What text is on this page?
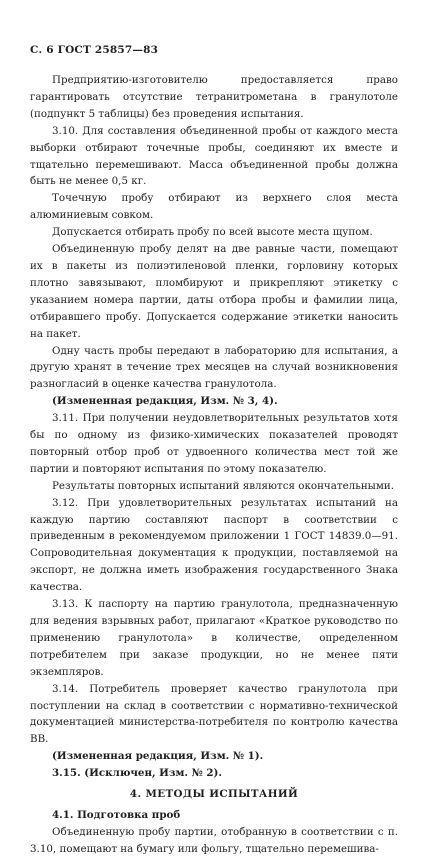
С. 6 ГОСТ 25857—83

Предприятию-изготовителю предоставляется право гарантировать отсутствие тетранитрометана в гранулотоле (подпункт 5 таблицы) без проведения испытания.

3.10. Для составления объединенной пробы от каждого места выборки отбирают точечные пробы, соединяют их вместе и тщательно перемешивают. Масса объединенной пробы должна быть не менее 0,5 кг.

Точечную пробу отбирают из верхнего слоя места алюминиевым совком.

Допускается отбирать пробу по всей высоте места щупом.

Объединенную пробу делят на две равные части, помещают их в пакеты из полиэтиленовой пленки, горловину которых плотно завязывают, пломбируют и прикрепляют этикетку с указанием номера партии, даты отбора пробы и фамилии лица, отбиравшего пробу. Допускается содержание этикетки наносить на пакет.

Одну часть пробы передают в лабораторию для испытания, а другую хранят в течение трех месяцев на случай возникновения разногласий в оценке качества гранулотола.

(Измененная редакция, Изм. № 3, 4).

3.11. При получении неудовлетворительных результатов хотя бы по одному из физико-химических показателей проводят повторный отбор проб от удвоенного количества мест той же партии и повторяют испытания по этому показателю.

Результаты повторных испытаний являются окончательными.

3.12. При удовлетворительных результатах испытаний на каждую партию составляют паспорт в соответствии с приведенным в рекомендуемом приложении 1 ГОСТ 14839.0—91. Сопроводительная документация к продукции, поставляемой на экспорт, не должна иметь изображения государственного Знака качества.

3.13. К паспорту на партию гранулотола, предназначенную для ведения взрывных работ, прилагают «Краткое руководство по применению гранулотола» в количестве, определенном потребителем при заказе продукции, но не менее пяти экземпляров.

3.14. Потребитель проверяет качество гранулотола при поступлении на склад в соответствии с нормативно-технической документацией министерства-потребителя по контролю качества ВВ.

(Измененная редакция, Изм. № 1).

3.15. (Исключен, Изм. № 2).

4. МЕТОДЫ ИСПЫТАНИЙ

4.1. Подготовка проб

Объединенную пробу партии, отобранную в соответствии с п. 3.10, помещают на бумагу или фольгу, тщательно перемешива-
